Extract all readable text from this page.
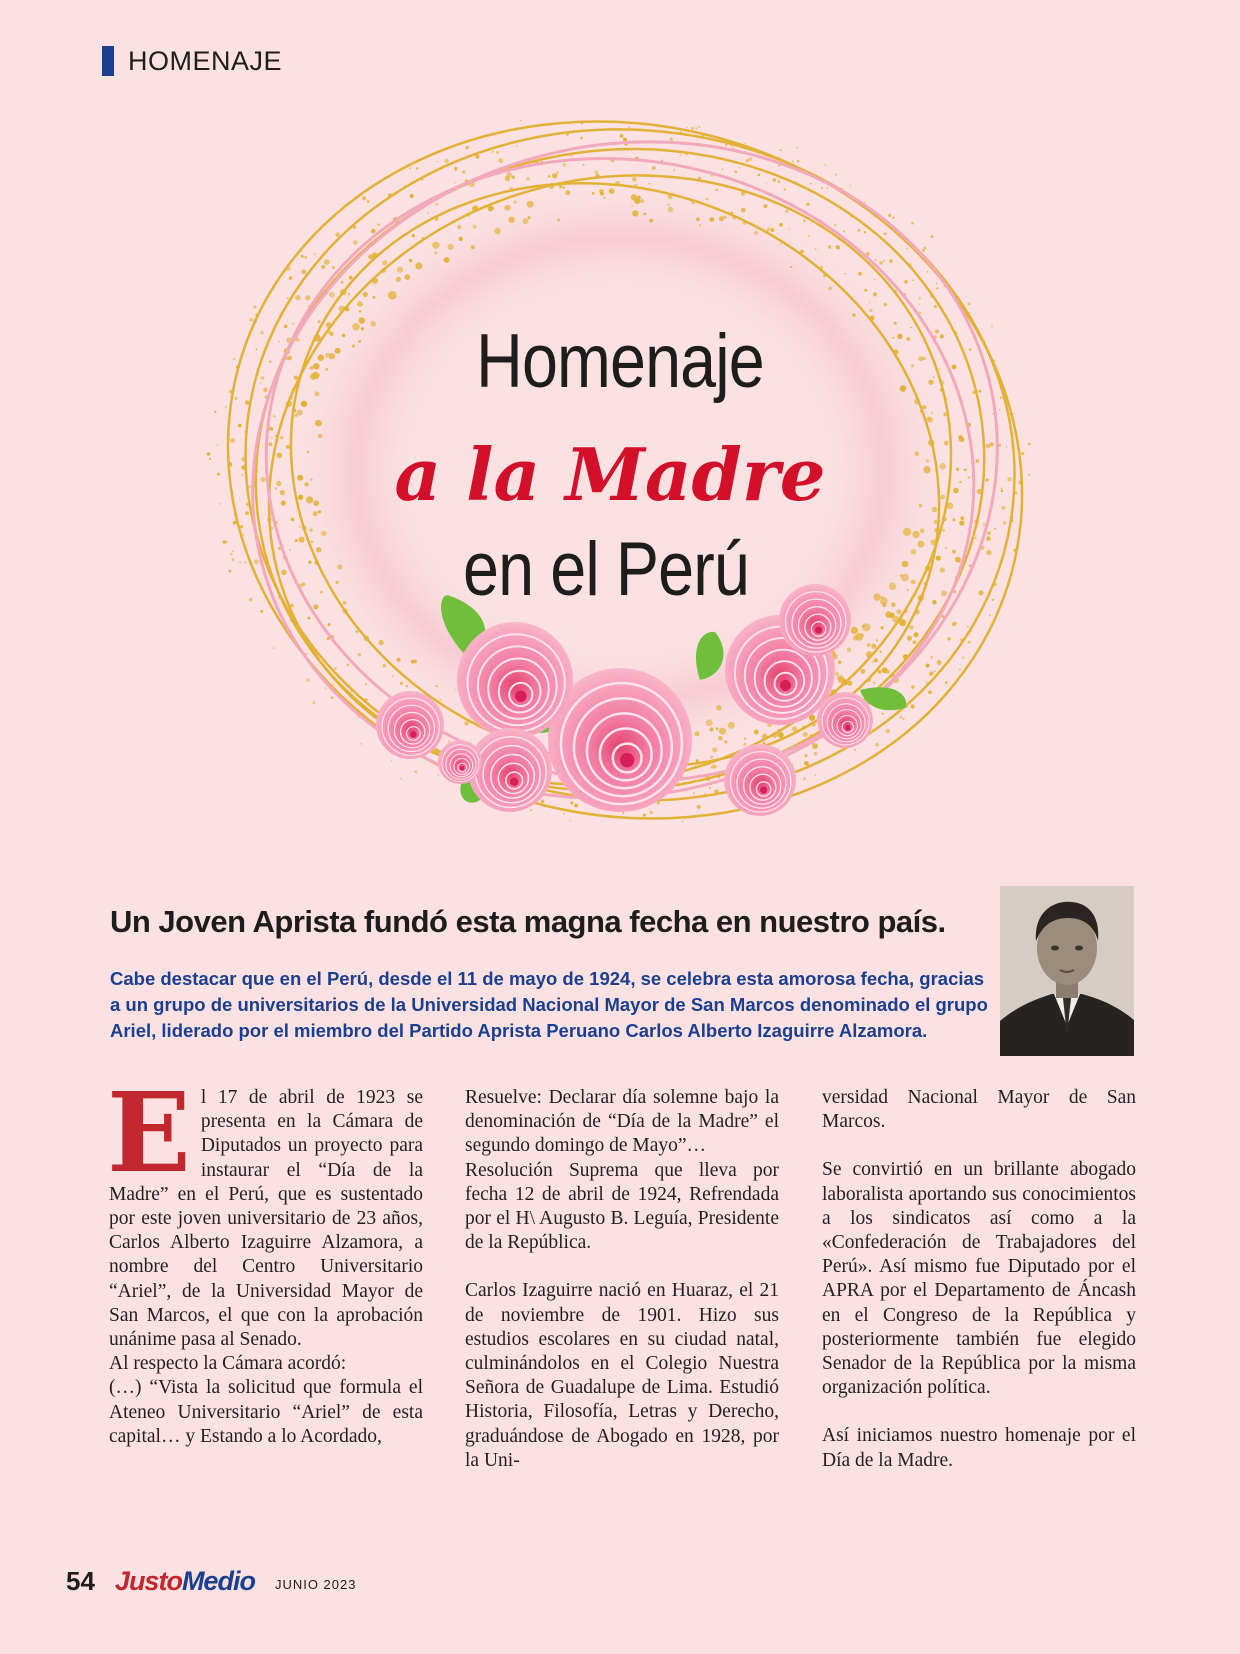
HOMENAJE
Homenaje
a la Madre
en el Perú
Un Joven Aprista fundó esta magna fecha en nuestro país.
Cabe destacar que en el Perú, desde el 11 de mayo de 1924, se celebra esta amorosa fecha, gracias a un grupo de universitarios de la Universidad Nacional Mayor de San Marcos denominado el grupo Ariel, liderado por el miembro del Partido Aprista Peruano Carlos Alberto Izaguirre Alzamora.
E l 17 de abril de 1923 se presenta en la Cámara de Diputados un proyecto para instaurar el “Día de la Madre” en el Perú, que es sustentado por este joven universitario de 23 años, Carlos Alberto Izaguirre Alzamora, a nombre del Centro Universitario “Ariel”, de la Universidad Mayor de San Marcos, el que con la aprobación unánime pasa al Senado.

Al respecto la Cámara acordó:

(…) “Vista la solicitud que formula el Ateneo Universitario “Ariel” de esta capital… y Estando a lo Acordado,

Resuelve: Declarar día solemne bajo la denominación de “Día de la Madre” el segundo domingo de Mayo”…

Resolución Suprema que lleva por fecha 12 de abril de 1924, Refrendada por el H\ Augusto B. Leguía, Presidente de la República.

Carlos Izaguirre nació en Huaraz, el 21 de noviembre de 1901. Hizo sus estudios escolares en su ciudad natal, culminándolos en el Colegio Nuestra Señora de Guadalupe de Lima. Estudió Historia, Filosofía, Letras y Derecho, graduándose de Abogado en 1928, por la Uni-

versidad Nacional Mayor de San Marcos.

Se convirtió en un brillante abogado laboralista aportando sus conocimientos a los sindicatos así como a la «Confederación de Trabajadores del Perú». Así mismo fue Diputado por el APRA por el Departamento de Áncash en el Congreso de la República y posteriormente también fue elegido Senador de la República por la misma organización política.

Así iniciamos nuestro homenaje por el Día de la Madre.

54 JustoMedio JUNIO 2023
